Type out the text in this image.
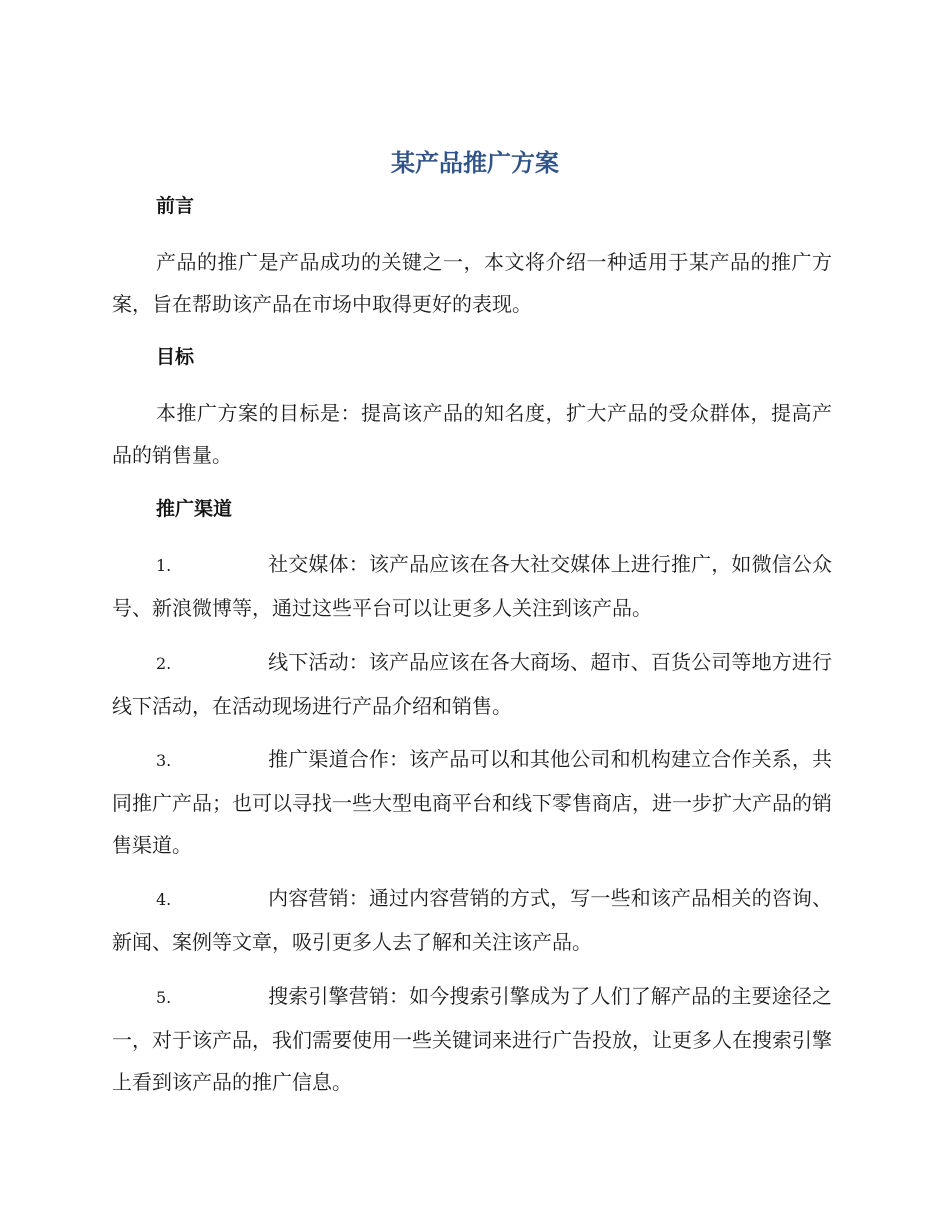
某产品推广方案
前言
产品的推广是产品成功的关键之一，本文将介绍一种适用于某产品的推广方案，旨在帮助该产品在市场中取得更好的表现。
目标
本推广方案的目标是：提高该产品的知名度，扩大产品的受众群体，提高产品的销售量。
推广渠道
1.	社交媒体：该产品应该在各大社交媒体上进行推广，如微信公众号、新浪微博等，通过这些平台可以让更多人关注到该产品。
2.	线下活动：该产品应该在各大商场、超市、百货公司等地方进行线下活动，在活动现场进行产品介绍和销售。
3.	推广渠道合作：该产品可以和其他公司和机构建立合作关系，共同推广产品；也可以寻找一些大型电商平台和线下零售商店，进一步扩大产品的销售渠道。
4.	内容营销：通过内容营销的方式，写一些和该产品相关的咨询、新闻、案例等文章，吸引更多人去了解和关注该产品。
5.	搜索引擎营销：如今搜索引擎成为了人们了解产品的主要途径之一，对于该产品，我们需要使用一些关键词来进行广告投放，让更多人在搜索引擎上看到该产品的推广信息。
